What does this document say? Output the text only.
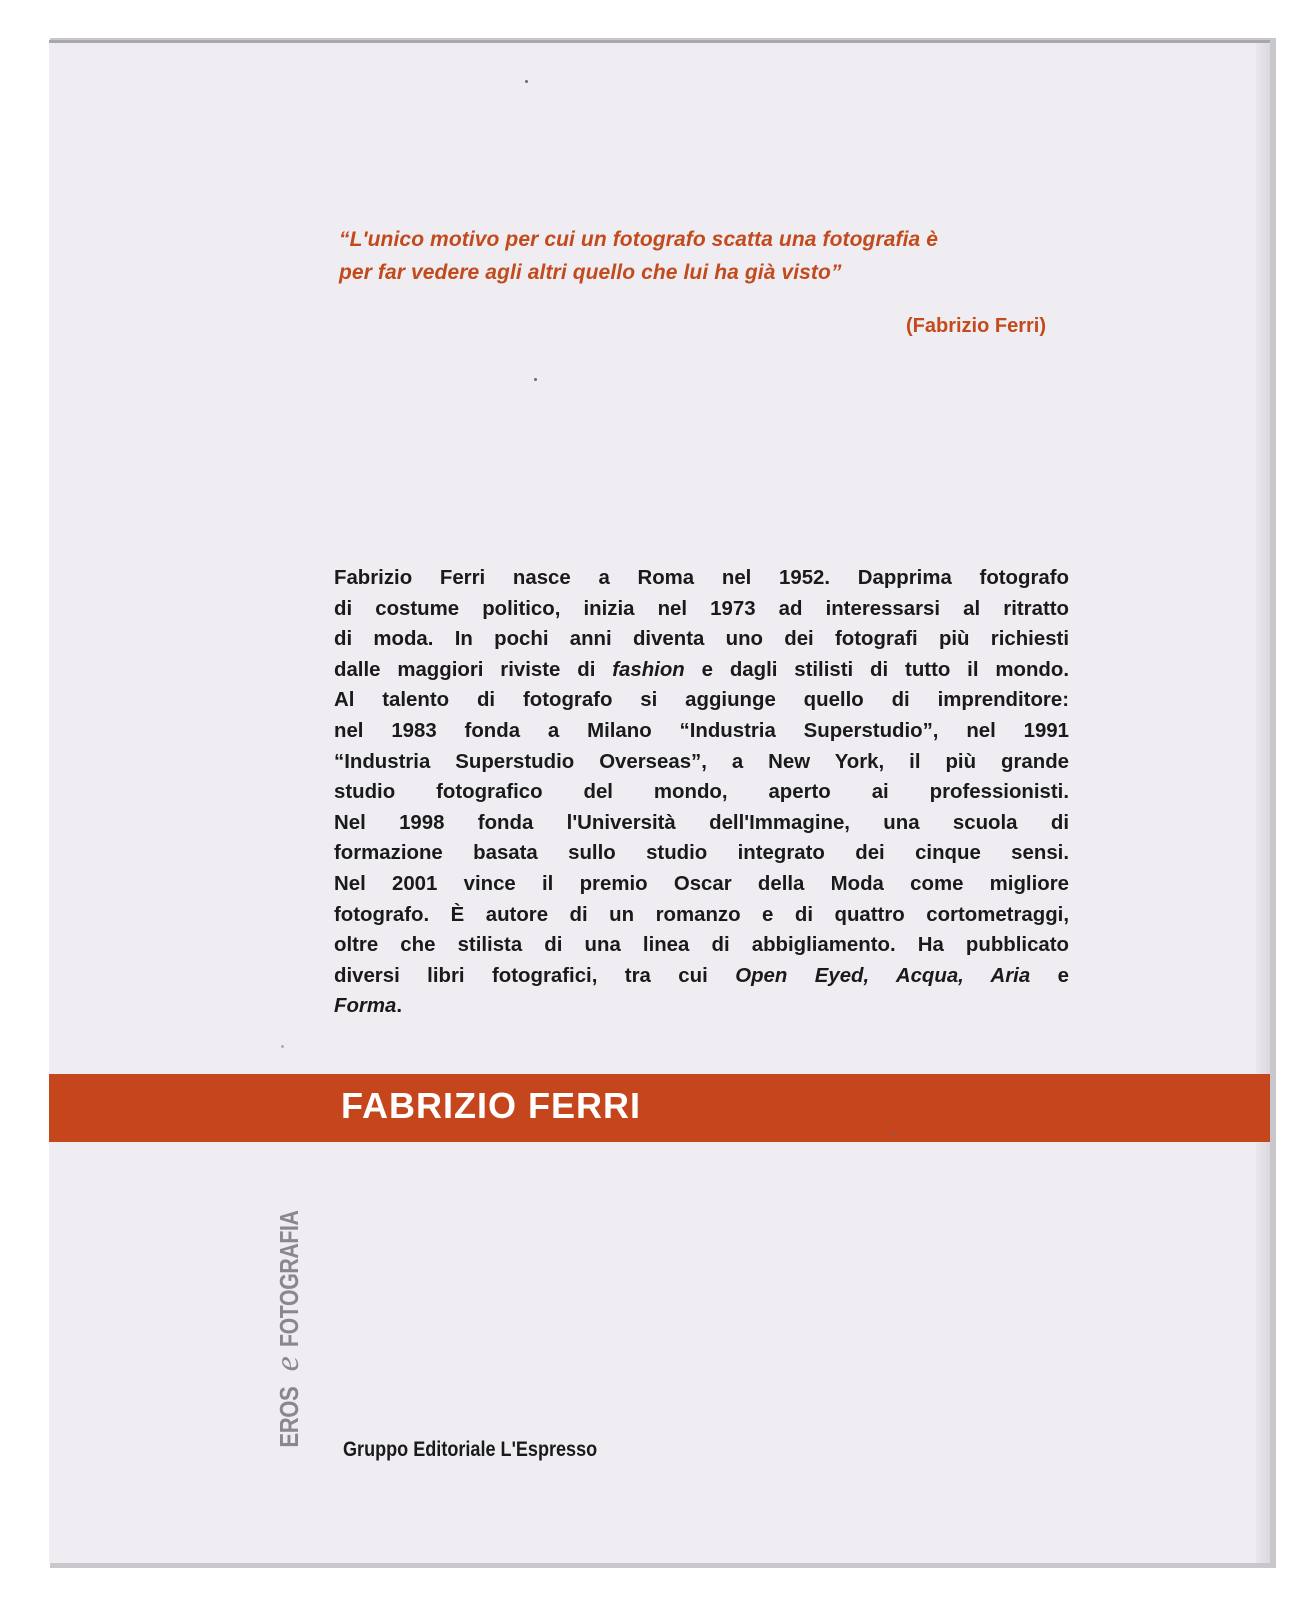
“L'unico motivo per cui un fotografo scatta una fotografia è
per far vedere agli altri quello che lui ha già visto”
(Fabrizio Ferri)
Fabrizio Ferri nasce a Roma nel 1952. Dapprima fotografo
di costume politico, inizia nel 1973 ad interessarsi al ritratto
di moda. In pochi anni diventa uno dei fotografi più richiesti
dalle maggiori riviste di fashion e dagli stilisti di tutto il mondo.
Al talento di fotografo si aggiunge quello di imprenditore:
nel 1983 fonda a Milano “Industria Superstudio”, nel 1991
“Industria Superstudio Overseas”, a New York, il più grande
studio fotografico del mondo, aperto ai professionisti.
Nel 1998 fonda l'Università dell'Immagine, una scuola di
formazione basata sullo studio integrato dei cinque sensi.
Nel 2001 vince il premio Oscar della Moda come migliore
fotografo. È autore di un romanzo e di quattro cortometraggi,
oltre che stilista di una linea di abbigliamento. Ha pubblicato
diversi libri fotografici, tra cui Open Eyed, Acqua, Aria e
Forma.
FABRIZIO FERRI
EROSeFOTOGRAFIA
Gruppo Editoriale L'Espresso
